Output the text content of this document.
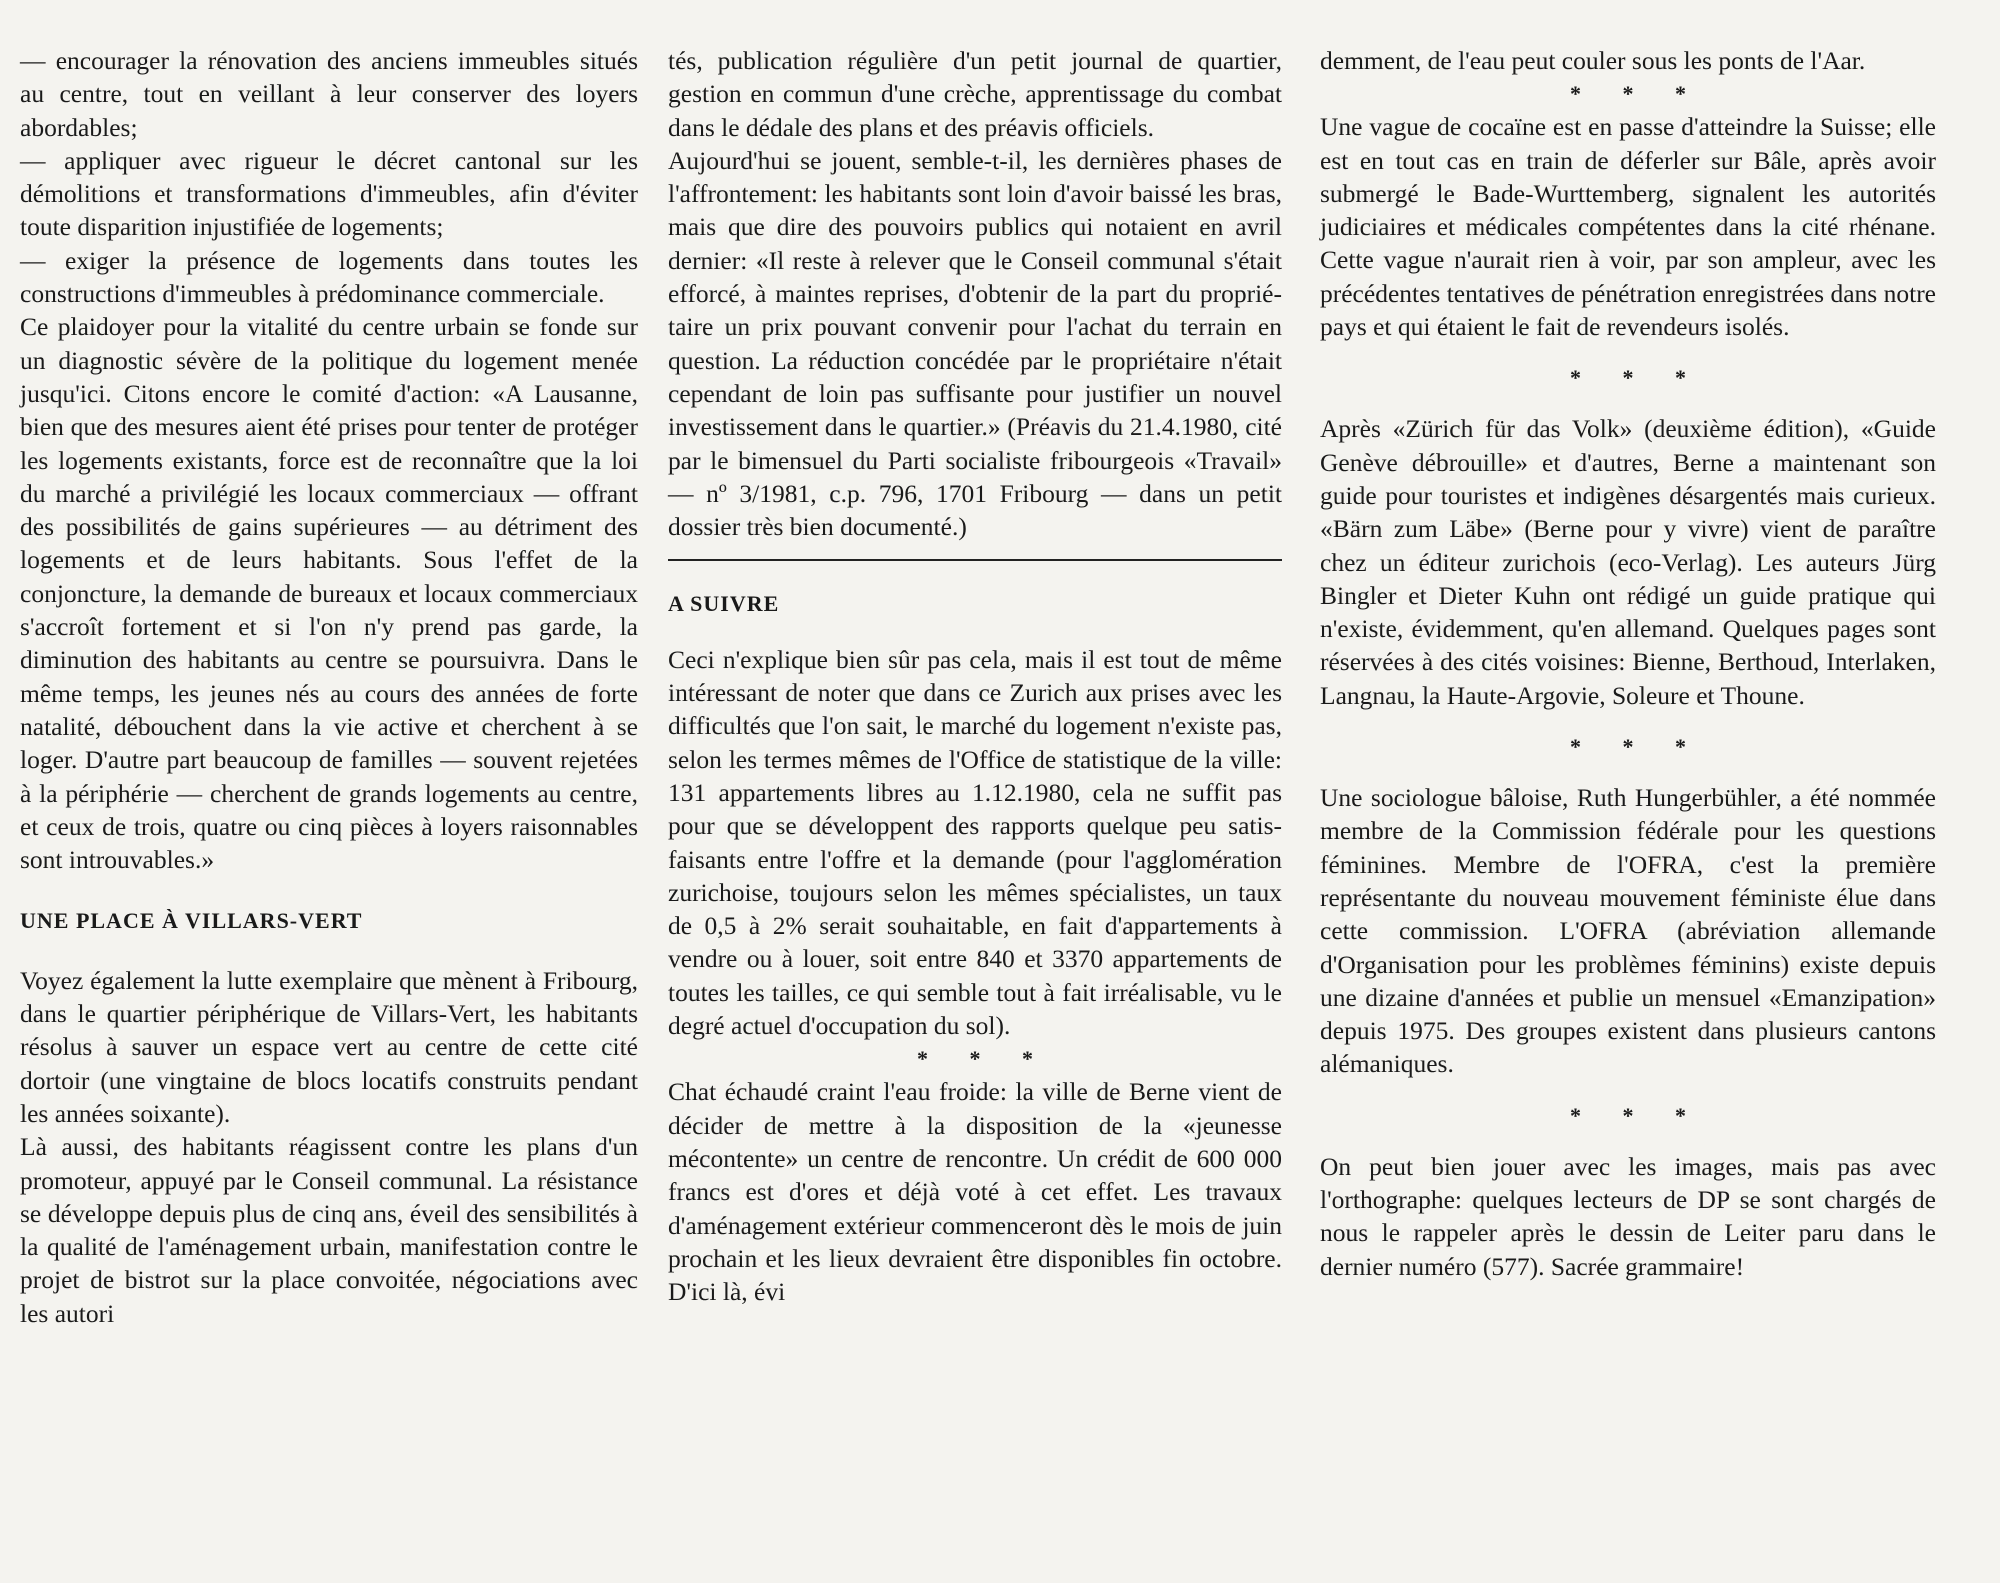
— encourager la rénovation des anciens immeubles situés au centre, tout en veillant à leur conserver des loyers abordables;

— appliquer avec rigueur le décret cantonal sur les démolitions et transformations d'immeubles, afin d'éviter toute disparition injustifiée de logements;

— exiger la présence de logements dans toutes les constructions d'immeubles à prédominance commerciale.

Ce plaidoyer pour la vitalité du centre urbain se fonde sur un diagnostic sévère de la politique du logement menée jusqu'ici. Citons encore le comité d'action: «A Lausanne, bien que des mesures aient été prises pour tenter de protéger les logements existants, force est de reconnaître que la loi du marché a privilégié les locaux commerciaux — offrant des possibilités de gains supérieures — au détriment des logements et de leurs habitants. Sous l'effet de la conjoncture, la demande de bureaux et locaux commerciaux s'accroît fortement et si l'on n'y prend pas garde, la diminution des habitants au centre se poursuivra. Dans le même temps, les jeunes nés au cours des années de forte natalité, débouchent dans la vie active et cherchent à se loger. D'autre part beaucoup de familles — souvent rejetées à la périphérie — cherchent de grands logements au centre, et ceux de trois, quatre ou cinq pièces à loyers raisonnables sont introuvables.»

UNE PLACE À VILLARS-VERT

Voyez également la lutte exemplaire que mènent à Fribourg, dans le quartier périphérique de Villars-Vert, les habitants résolus à sauver un espace vert au centre de cette cité dortoir (une vingtaine de blocs locatifs construits pendant les années soixante).

Là aussi, des habitants réagissent contre les plans d'un promoteur, appuyé par le Conseil communal. La résistance se développe depuis plus de cinq ans, éveil des sensibilités à la qualité de l'aménagement urbain, manifestation contre le projet de bistrot sur la place convoitée, négociations avec les autori

tés, publication régulière d'un petit journal de quartier, gestion en commun d'une crèche, apprentissage du combat dans le dédale des plans et des préavis officiels.

Aujourd'hui se jouent, semble-t-il, les dernières phases de l'affrontement: les habitants sont loin d'avoir baissé les bras, mais que dire des pouvoirs publics qui notaient en avril dernier: «Il reste à relever que le Conseil communal s'était efforcé, à maintes reprises, d'obtenir de la part du propriétaire un prix pouvant convenir pour l'achat du terrain en question. La réduction concédée par le propriétaire n'était cependant de loin pas suffisante pour justifier un nouvel investissement dans le quartier.» (Préavis du 21.4.1980, cité par le bimensuel du Parti socialiste fribourgeois «Travail» — nº 3/1981, c.p. 796, 1701 Fribourg — dans un petit dossier très bien documenté.)

A SUIVRE

Ceci n'explique bien sûr pas cela, mais il est tout de même intéressant de noter que dans ce Zurich aux prises avec les difficultés que l'on sait, le marché du logement n'existe pas, selon les termes mêmes de l'Office de statistique de la ville: 131 appartements libres au 1.12.1980, cela ne suffit pas pour que se développent des rapports quelque peu satisfaisants entre l'offre et la demande (pour l'agglomération zurichoise, toujours selon les mêmes spécialistes, un taux de 0,5 à 2% serait souhaitable, en fait d'appartements à vendre ou à louer, soit entre 840 et 3370 appartements de toutes les tailles, ce qui semble tout à fait irréalisable, vu le degré actuel d'occupation du sol).

* * *

Chat échaudé craint l'eau froide: la ville de Berne vient de décider de mettre à la disposition de la «jeunesse mécontente» un centre de rencontre. Un crédit de 600 000 francs est d'ores et déjà voté à cet effet. Les travaux d'aménagement extérieur commenceront dès le mois de juin prochain et les lieux devraient être disponibles fin octobre. D'ici là, évi

demment, de l'eau peut couler sous les ponts de l'Aar.

* * *

Une vague de cocaïne est en passe d'atteindre la Suisse; elle est en tout cas en train de déferler sur Bâle, après avoir submergé le Bade-Wurttemberg, signalent les autorités judiciaires et médicales compétentes dans la cité rhénane. Cette vague n'aurait rien à voir, par son ampleur, avec les précédentes tentatives de pénétration enregistrées dans notre pays et qui étaient le fait de revendeurs isolés.

* * *

Après «Zürich für das Volk» (deuxième édition), «Guide Genève débrouille» et d'autres, Berne a maintenant son guide pour touristes et indigènes désargentés mais curieux. «Bärn zum Läbe» (Berne pour y vivre) vient de paraître chez un éditeur zurichois (eco-Verlag). Les auteurs Jürg Bingler et Dieter Kuhn ont rédigé un guide pratique qui n'existe, évidemment, qu'en allemand. Quelques pages sont réservées à des cités voisines: Bienne, Berthoud, Interlaken, Langnau, la Haute-Argovie, Soleure et Thoune.

* * *

Une sociologue bâloise, Ruth Hungerbühler, a été nommée membre de la Commission fédérale pour les questions féminines. Membre de l'OFRA, c'est la première représentante du nouveau mouvement féministe élue dans cette commission. L'OFRA (abréviation allemande d'Organisation pour les problèmes féminins) existe depuis une dizaine d'années et publie un mensuel «Emanzipation» depuis 1975. Des groupes existent dans plusieurs cantons alémaniques.

* * *

On peut bien jouer avec les images, mais pas avec l'orthographe: quelques lecteurs de DP se sont chargés de nous le rappeler après le dessin de Leiter paru dans le dernier numéro (577). Sacrée grammaire!
